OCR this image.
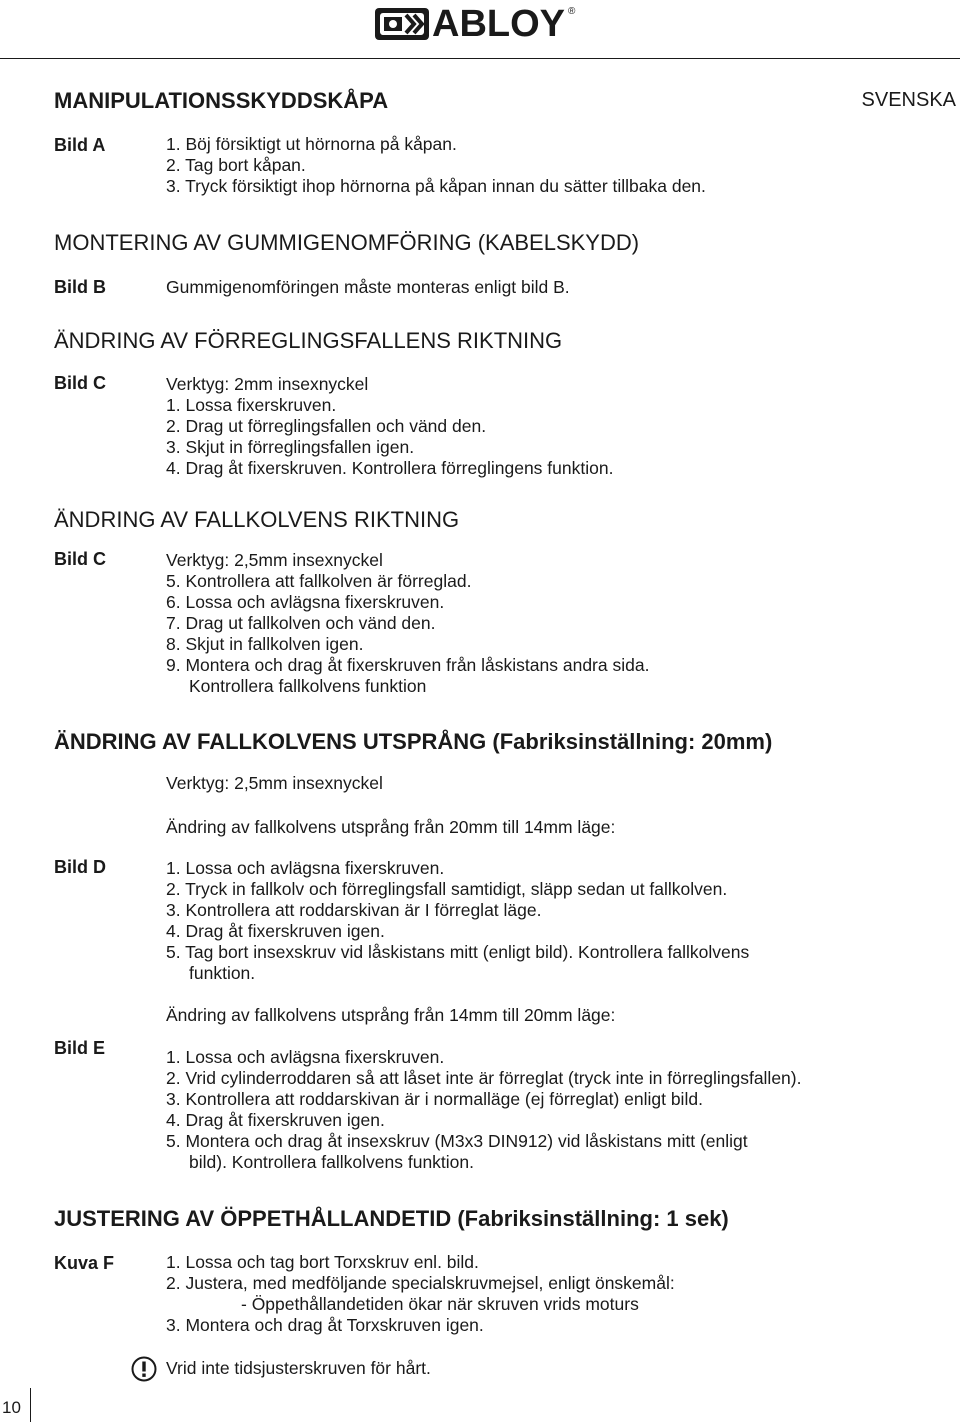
ABLOY ®
SVENSKA
MANIPULATIONSSKYDDSKÅPA
Bild A	1. Böj försiktigt ut hörnorna på kåpan.
2. Tag bort kåpan.
3. Tryck försiktigt ihop hörnorna på kåpan innan du sätter tillbaka den.
MONTERING AV GUMMIGENOMFÖRING (KABELSKYDD)
Bild B	Gummigenomföringen måste monteras enligt bild B.
ÄNDRING AV FÖRREGLINGSFALLENS RIKTNING
Bild C	Verktyg: 2mm insexnyckel
1. Lossa fixerskruven.
2. Drag ut förreglingsfallen och vänd den.
3. Skjut in förreglingsfallen igen.
4. Drag åt fixerskruven. Kontrollera förreglingens funktion.
ÄNDRING AV FALLKOLVENS RIKTNING
Bild C	Verktyg: 2,5mm insexnyckel
5. Kontrollera att fallkolven är förreglad.
6. Lossa och avlägsna fixerskruven.
7. Drag ut fallkolven och vänd den.
8. Skjut in fallkolven igen.
9. Montera och drag åt fixerskruven från låskistans andra sida.
Kontrollera fallkolvens funktion
ÄNDRING AV FALLKOLVENS UTSPRÅNG (Fabriksinställning: 20mm)
Verktyg: 2,5mm insexnyckel
Ändring av fallkolvens utsprång från 20mm till 14mm läge:
Bild D	1. Lossa och avlägsna fixerskruven.
2. Tryck in fallkolv och förreglingsfall samtidigt, släpp sedan ut fallkolven.
3. Kontrollera att roddarskivan är I förreglat läge.
4. Drag åt fixerskruven igen.
5. Tag bort insexskruv vid låskistans mitt (enligt bild). Kontrollera fallkolvens
funktion.
Ändring av fallkolvens utsprång från 14mm till 20mm läge:
Bild E	1. Lossa och avlägsna fixerskruven.
2. Vrid cylinderroddaren så att låset inte är förreglat (tryck inte in förreglingsfallen).
3. Kontrollera att roddarskivan är i normalläge (ej förreglat) enligt bild.
4. Drag åt fixerskruven igen.
5. Montera och drag åt insexskruv (M3x3 DIN912) vid låskistans mitt (enligt
bild). Kontrollera fallkolvens funktion.
JUSTERING AV ÖPPETHÅLLANDETID (Fabriksinställning: 1 sek)
Kuva F	1. Lossa och tag bort Torxskruv enl. bild.
2. Justera, med medföljande specialskruvmejsel, enligt önskemål:
- Öppethållandetiden ökar när skruven vrids moturs
3. Montera och drag åt Torxskruven igen.
Vrid inte tidsjusterskruven för hårt.
10
